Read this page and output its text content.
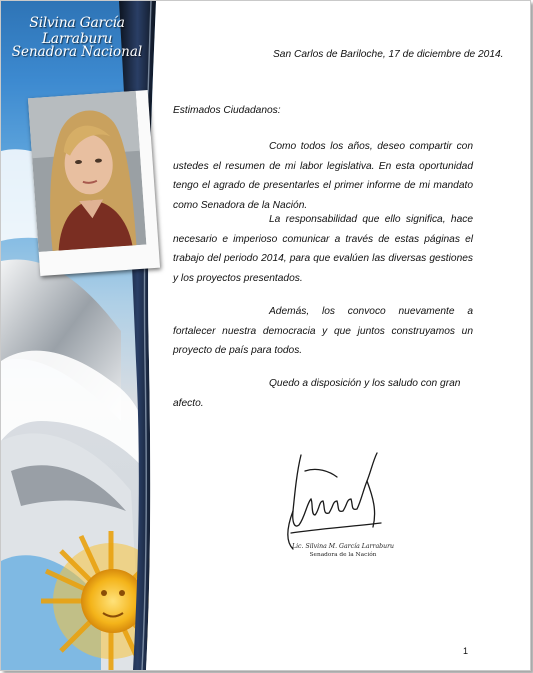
Silvina García Larraburu
Senadora Nacional	San Carlos de Bariloche, 17 de diciembre de 2014.

Estimados Ciudadanos:

Como todos los años, deseo compartir con ustedes el resumen de mi labor legislativa. En esta oportunidad tengo el agrado de presentarles el primer informe de mi mandato como Senadora de la Nación.

La responsabilidad que ello significa, hace necesario e imperioso comunicar a través de estas páginas el trabajo del periodo 2014, para que evalúen las diversas gestiones y los proyectos presentados.

Además, los convoco nuevamente a fortalecer nuestra democracia y que juntos construyamos un proyecto de país para todos.

Quedo a disposición y los saludo con gran afecto.

Lic. Silvina M. García Larraburu
Senadora de la Nación
1
